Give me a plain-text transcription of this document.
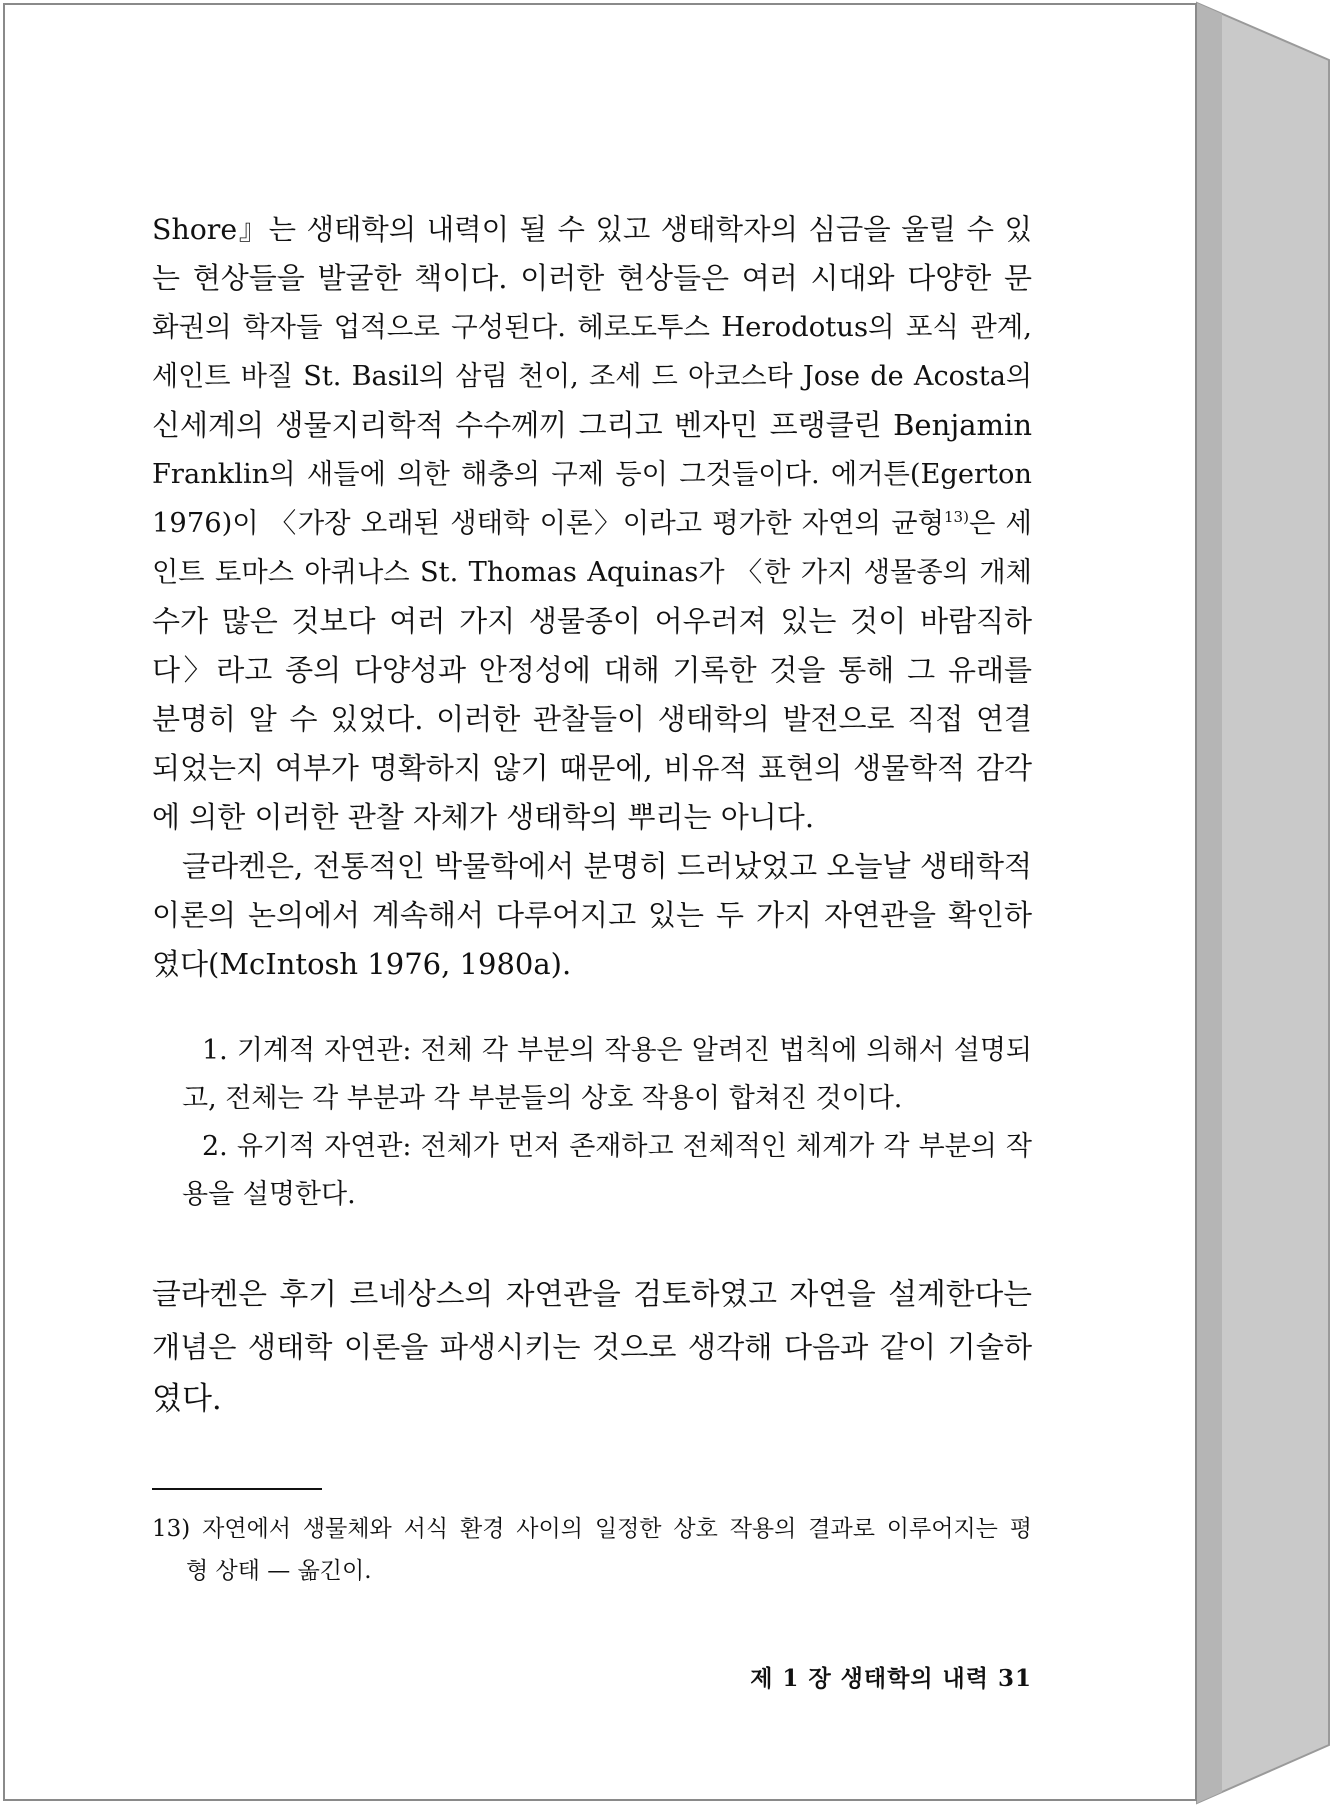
Shore』는 생태학의 내력이 될 수 있고 생태학자의 심금을 울릴 수 있
는 현상들을 발굴한 책이다. 이러한 현상들은 여러 시대와 다양한 문
화권의 학자들 업적으로 구성된다. 헤로도투스 Herodotus의 포식 관계,
세인트 바질 St. Basil의 삼림 천이, 조세 드 아코스타 Jose de Acosta의
신세계의 생물지리학적 수수께끼 그리고 벤자민 프랭클린 Benjamin
Franklin의 새들에 의한 해충의 구제 등이 그것들이다. 에거튼(Egerton
1976)이 〈가장 오래된 생태학 이론〉이라고 평가한 자연의 균형$^{13)}$은 세
인트 토마스 아퀴나스 St. Thomas Aquinas가 〈한 가지 생물종의 개체
수가 많은 것보다 여러 가지 생물종이 어우러져 있는 것이 바람직하
다〉라고 종의 다양성과 안정성에 대해 기록한 것을 통해 그 유래를
분명히 알 수 있었다. 이러한 관찰들이 생태학의 발전으로 직접 연결
되었는지 여부가 명확하지 않기 때문에, 비유적 표현의 생물학적 감각
에 의한 이러한 관찰 자체가 생태학의 뿌리는 아니다.
글라켄은, 전통적인 박물학에서 분명히 드러났었고 오늘날 생태학적
이론의 논의에서 계속해서 다루어지고 있는 두 가지 자연관을 확인하
였다(McIntosh 1976, 1980a).
1. 기계적 자연관: 전체 각 부분의 작용은 알려진 법칙에 의해서 설명되
고, 전체는 각 부분과 각 부분들의 상호 작용이 합쳐진 것이다.
2. 유기적 자연관: 전체가 먼저 존재하고 전체적인 체계가 각 부분의 작
용을 설명한다.
글라켄은 후기 르네상스의 자연관을 검토하였고 자연을 설계한다는
개념은 생태학 이론을 파생시키는 것으로 생각해 다음과 같이 기술하
였다.
13) 자연에서 생물체와 서식 환경 사이의 일정한 상호 작용의 결과로 이루어지는 평
형 상태 — 옮긴이.
제 1 장 생태학의 내력 31
